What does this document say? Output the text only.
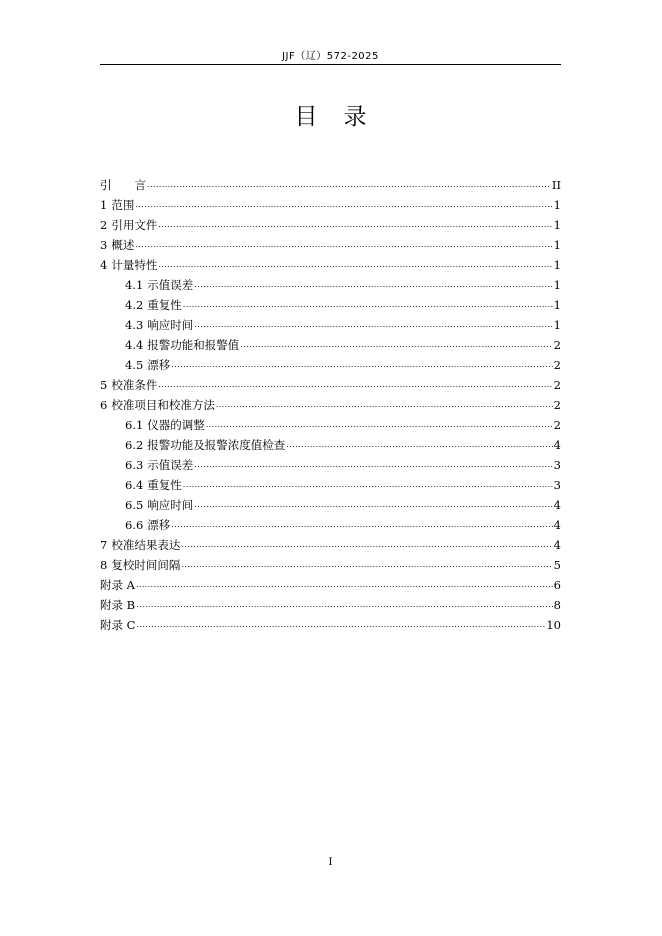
JJF（辽）572-2025
目录
引　　言 .....	II
1 范围 .....	1
2 引用文件 .....	1
3 概述 .....	1
4 计量特性 .....	1
4.1 示值误差 .....	1
4.2 重复性 .....	1
4.3 响应时间 .....	1
4.4 报警功能和报警值 .....	2
4.5 漂移 .....	2
5 校准条件 .....	2
6 校准项目和校准方法 .....	2
6.1 仪器的调整 .....	2
6.2 报警功能及报警浓度值检查 .....	4
6.3 示值误差 .....	3
6.4 重复性 .....	3
6.5 响应时间 .....	4
6.6 漂移 .....	4
7 校准结果表达 .....	4
8 复校时间间隔 .....	5
附录 A .....	6
附录 B .....	8
附录 C .....	10
I
